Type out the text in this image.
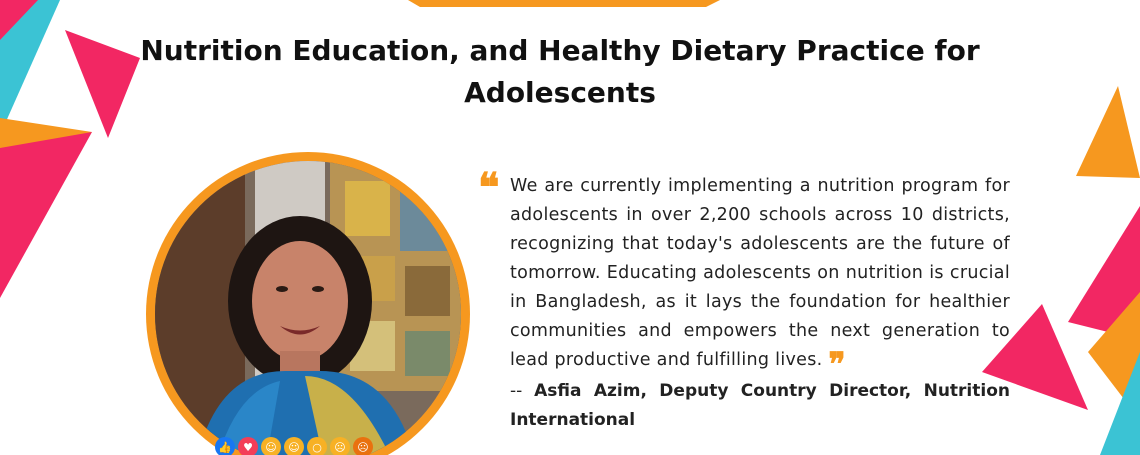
Nutrition Education, and Healthy Dietary Practice for Adolescents
👍	♥	☺	☺	○	☹	☹
❝ We are currently implementing a nutrition program for adolescents in over 2,200 schools across 10 districts, recognizing that today's adolescents are the future of tomorrow. Educating adolescents on nutrition is crucial in Bangladesh, as it lays the foundation for healthier communities and empowers the next generation to lead productive and fulfilling lives. ❞

-- Asfia Azim, Deputy Country Director, Nutrition International
